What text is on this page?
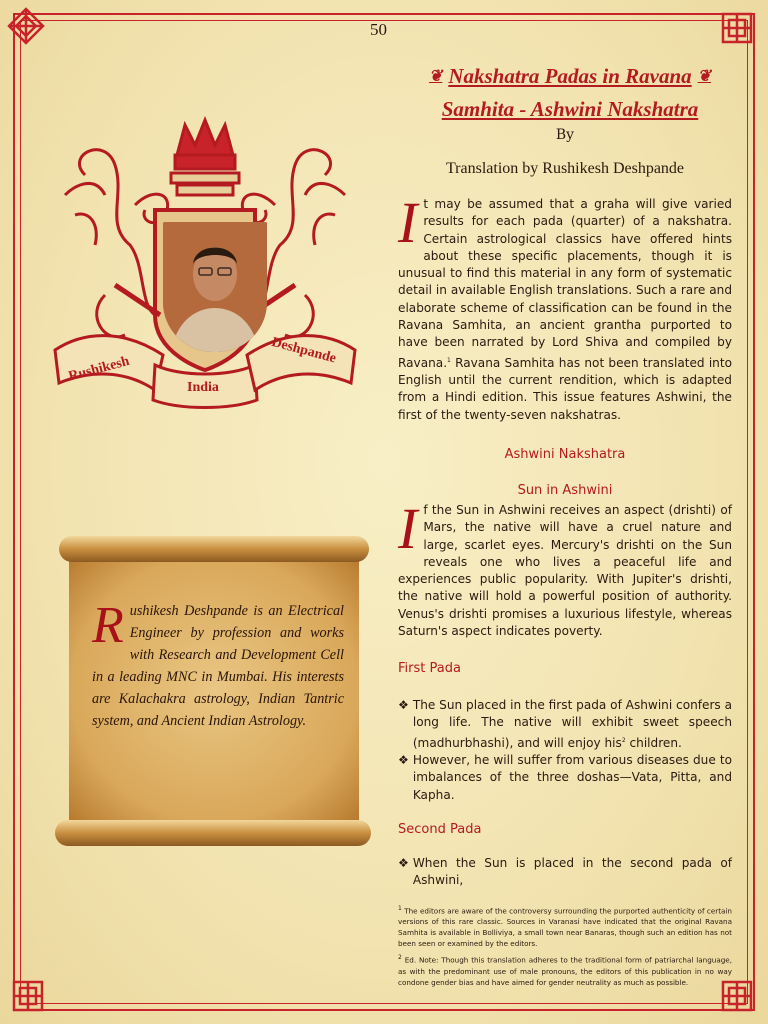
50
❦ Nakshatra Padas in Ravana ❦
Samhita - Ashwini Nakshatra
By
Translation by Rushikesh Deshpande
It may be assumed that a graha will give varied results for each pada (quarter) of a nakshatra. Certain astrological classics have offered hints about these specific placements, though it is unusual to find this material in any form of systematic detail in available English translations. Such a rare and elaborate scheme of classification can be found in the Ravana Samhita, an ancient grantha purported to have been narrated by Lord Shiva and compiled by Ravana.$^1$ Ravana Samhita has not been translated into English until the current rendition, which is adapted from a Hindi edition. This issue features Ashwini, the first of the twenty-seven nakshatras.
Ashwini Nakshatra
Sun in Ashwini
If the Sun in Ashwini receives an aspect (drishti) of Mars, the native will have a cruel nature and large, scarlet eyes. Mercury's drishti on the Sun reveals one who lives a peaceful life and experiences public popularity. With Jupiter's drishti, the native will hold a powerful position of authority. Venus's drishti promises a luxurious lifestyle, whereas Saturn's aspect indicates poverty.
First Pada

❖ The Sun placed in the first pada of Ashwini confers a long life. The native will exhibit sweet speech (madhurbhashi), and will enjoy his$^2$ children.

❖ However, he will suffer from various diseases due to imbalances of the three doshas—Vata, Pitta, and Kapha.

Second Pada

❖ When the Sun is placed in the second pada of Ashwini,

$^1$ The editors are aware of the controversy surrounding the purported authenticity of certain versions of this rare classic. Sources in Varanasi have indicated that the original Ravana Samhita is available in Bolliviya, a small town near Banaras, though such an edition has not been seen or examined by the editors.

$^2$ Ed. Note: Though this translation adheres to the traditional form of patriarchal language, as with the predominant use of male pronouns, the editors of this publication in no way condone gender bias and have aimed for gender neutrality as much as possible.

Rushikesh
India
Deshpande
Rushikesh Deshpande is an Electrical Engineer by profession and works with Research and Development Cell in a leading MNC in Mumbai. His interests are Kalachakra astrology, Indian Tantric system, and Ancient Indian Astrology.
